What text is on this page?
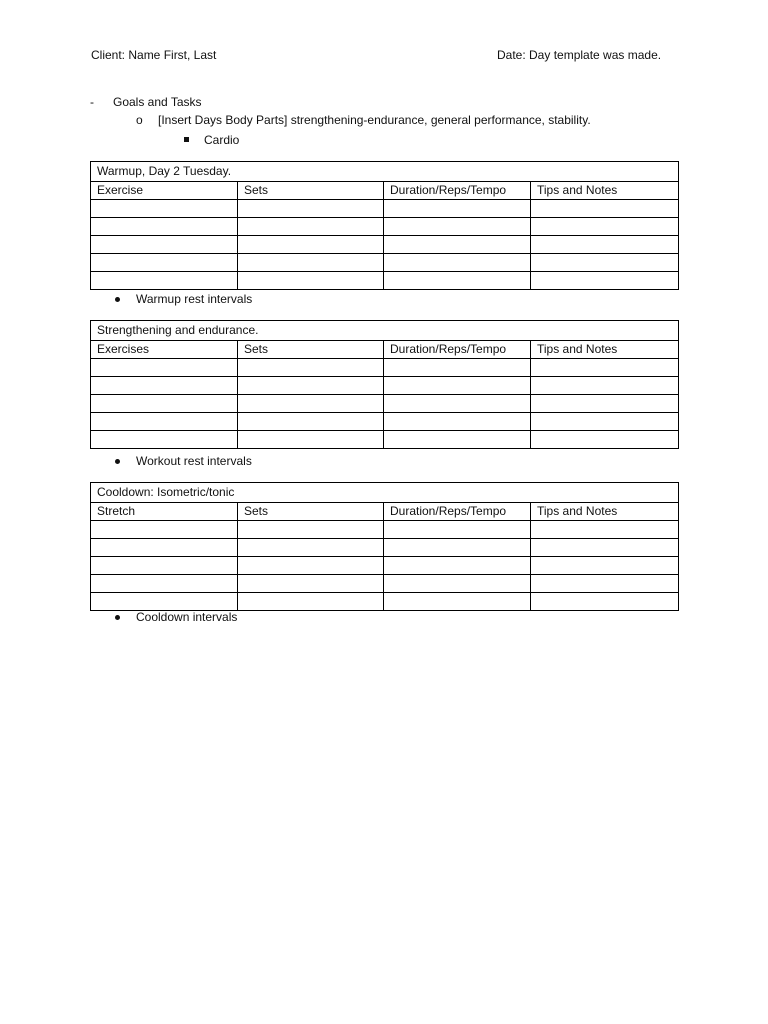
Client: Name First, Last	Date: Day template was made.
- Goals and Tasks
o [Insert Days Body Parts] strengthening-endurance, general performance, stability.
Cardio
Warmup, Day 2 Tuesday.			
Exercise	Sets	Duration/Reps/Tempo	Tips and Notes

Warmup rest intervals
Strengthening and endurance.			
Exercises	Sets	Duration/Reps/Tempo	Tips and Notes

Workout rest intervals
Cooldown: Isometric/tonic			
Stretch	Sets	Duration/Reps/Tempo	Tips and Notes

Cooldown intervals
